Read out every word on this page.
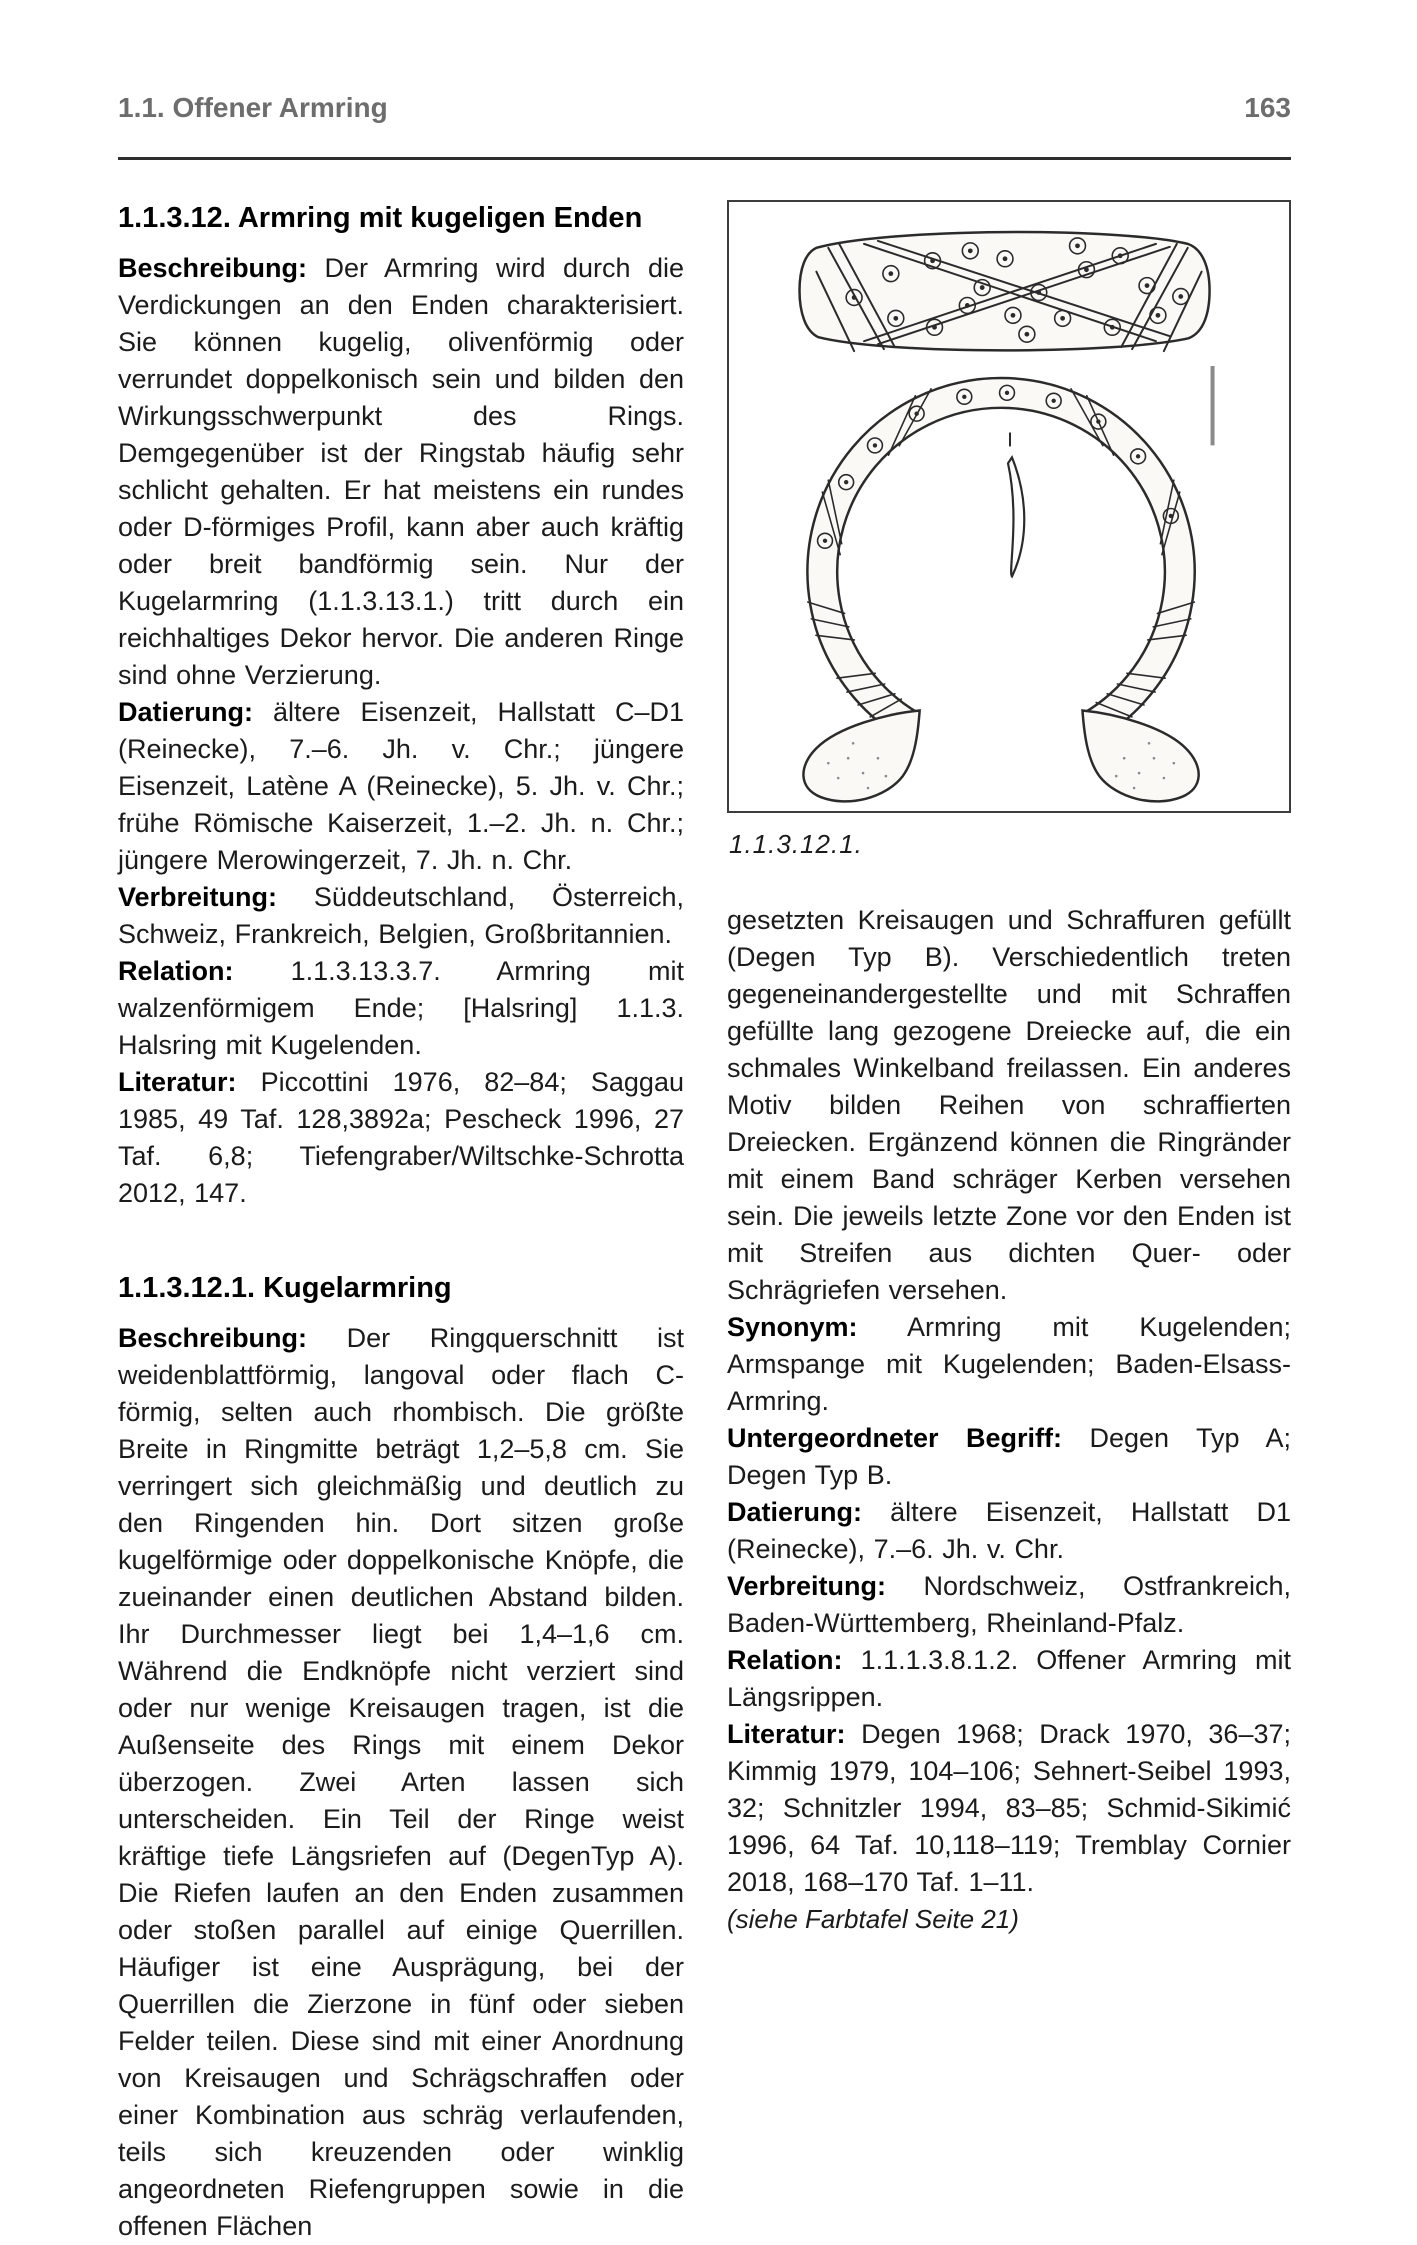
1.1. Offener Armring	163
1.1.3.12. Armring mit kugeligen Enden

Beschreibung: Der Armring wird durch die Verdickungen an den Enden charakterisiert. Sie können kugelig, olivenförmig oder verrundet doppelkonisch sein und bilden den Wirkungsschwerpunkt des Rings. Demgegenüber ist der Ringstab häufig sehr schlicht gehalten. Er hat meistens ein rundes oder D-förmiges Profil, kann aber auch kräftig oder breit bandförmig sein. Nur der Kugelarmring (1.1.3.13.1.) tritt durch ein reichhaltiges Dekor hervor. Die anderen Ringe sind ohne Verzierung.

Datierung: ältere Eisenzeit, Hallstatt C–D1 (Reinecke), 7.–6. Jh. v. Chr.; jüngere Eisenzeit, Latène A (Reinecke), 5. Jh. v. Chr.; frühe Römische Kaiserzeit, 1.–2. Jh. n. Chr.; jüngere Merowingerzeit, 7. Jh. n. Chr.

Verbreitung: Süddeutschland, Österreich, Schweiz, Frankreich, Belgien, Großbritannien.

Relation: 1.1.3.13.3.7. Armring mit walzenförmigem Ende; [Halsring] 1.1.3. Halsring mit Kugelenden.

Literatur: Piccottini 1976, 82–84; Saggau 1985, 49 Taf. 128,3892a; Pescheck 1996, 27 Taf. 6,8; Tiefengraber/Wiltschke-Schrotta 2012, 147.

1.1.3.12.1. Kugelarmring

Beschreibung: Der Ringquerschnitt ist weidenblattförmig, langoval oder flach C-förmig, selten auch rhombisch. Die größte Breite in Ringmitte beträgt 1,2–5,8 cm. Sie verringert sich gleichmäßig und deutlich zu den Ringenden hin. Dort sitzen große kugelförmige oder doppelkonische Knöpfe, die zueinander einen deutlichen Abstand bilden. Ihr Durchmesser liegt bei 1,4–1,6 cm. Während die Endknöpfe nicht verziert sind oder nur wenige Kreisaugen tragen, ist die Außenseite des Rings mit einem Dekor überzogen. Zwei Arten lassen sich unterscheiden. Ein Teil der Ringe weist kräftige tiefe Längsriefen auf (DegenTyp A). Die Riefen laufen an den Enden zusammen oder stoßen parallel auf einige Querrillen. Häufiger ist eine Ausprägung, bei der Querrillen die Zierzone in fünf oder sieben Felder teilen. Diese sind mit einer Anordnung von Kreisaugen und Schrägschraffen oder einer Kombination aus schräg verlaufenden, teils sich kreuzenden oder winklig angeordneten Riefengruppen sowie in die offenen Flächen

1.1.3.12.1.

gesetzten Kreisaugen und Schraffuren gefüllt (Degen Typ B). Verschiedentlich treten gegeneinandergestellte und mit Schraffen gefüllte lang gezogene Dreiecke auf, die ein schmales Winkelband freilassen. Ein anderes Motiv bilden Reihen von schraffierten Dreiecken. Ergänzend können die Ringränder mit einem Band schräger Kerben versehen sein. Die jeweils letzte Zone vor den Enden ist mit Streifen aus dichten Quer- oder Schrägriefen versehen.

Synonym: Armring mit Kugelenden; Armspange mit Kugelenden; Baden-Elsass-Armring.

Untergeordneter Begriff: Degen Typ A; Degen Typ B.

Datierung: ältere Eisenzeit, Hallstatt D1 (Reinecke), 7.–6. Jh. v. Chr.

Verbreitung: Nordschweiz, Ostfrankreich, Baden-Württemberg, Rheinland-Pfalz.

Relation: 1.1.1.3.8.1.2. Offener Armring mit Längsrippen.

Literatur: Degen 1968; Drack 1970, 36–37; Kimmig 1979, 104–106; Sehnert-Seibel 1993, 32; Schnitzler 1994, 83–85; Schmid-Sikimić 1996, 64 Taf. 10,118–119; Tremblay Cornier 2018, 168–170 Taf. 1–11.

(siehe Farbtafel Seite 21)
